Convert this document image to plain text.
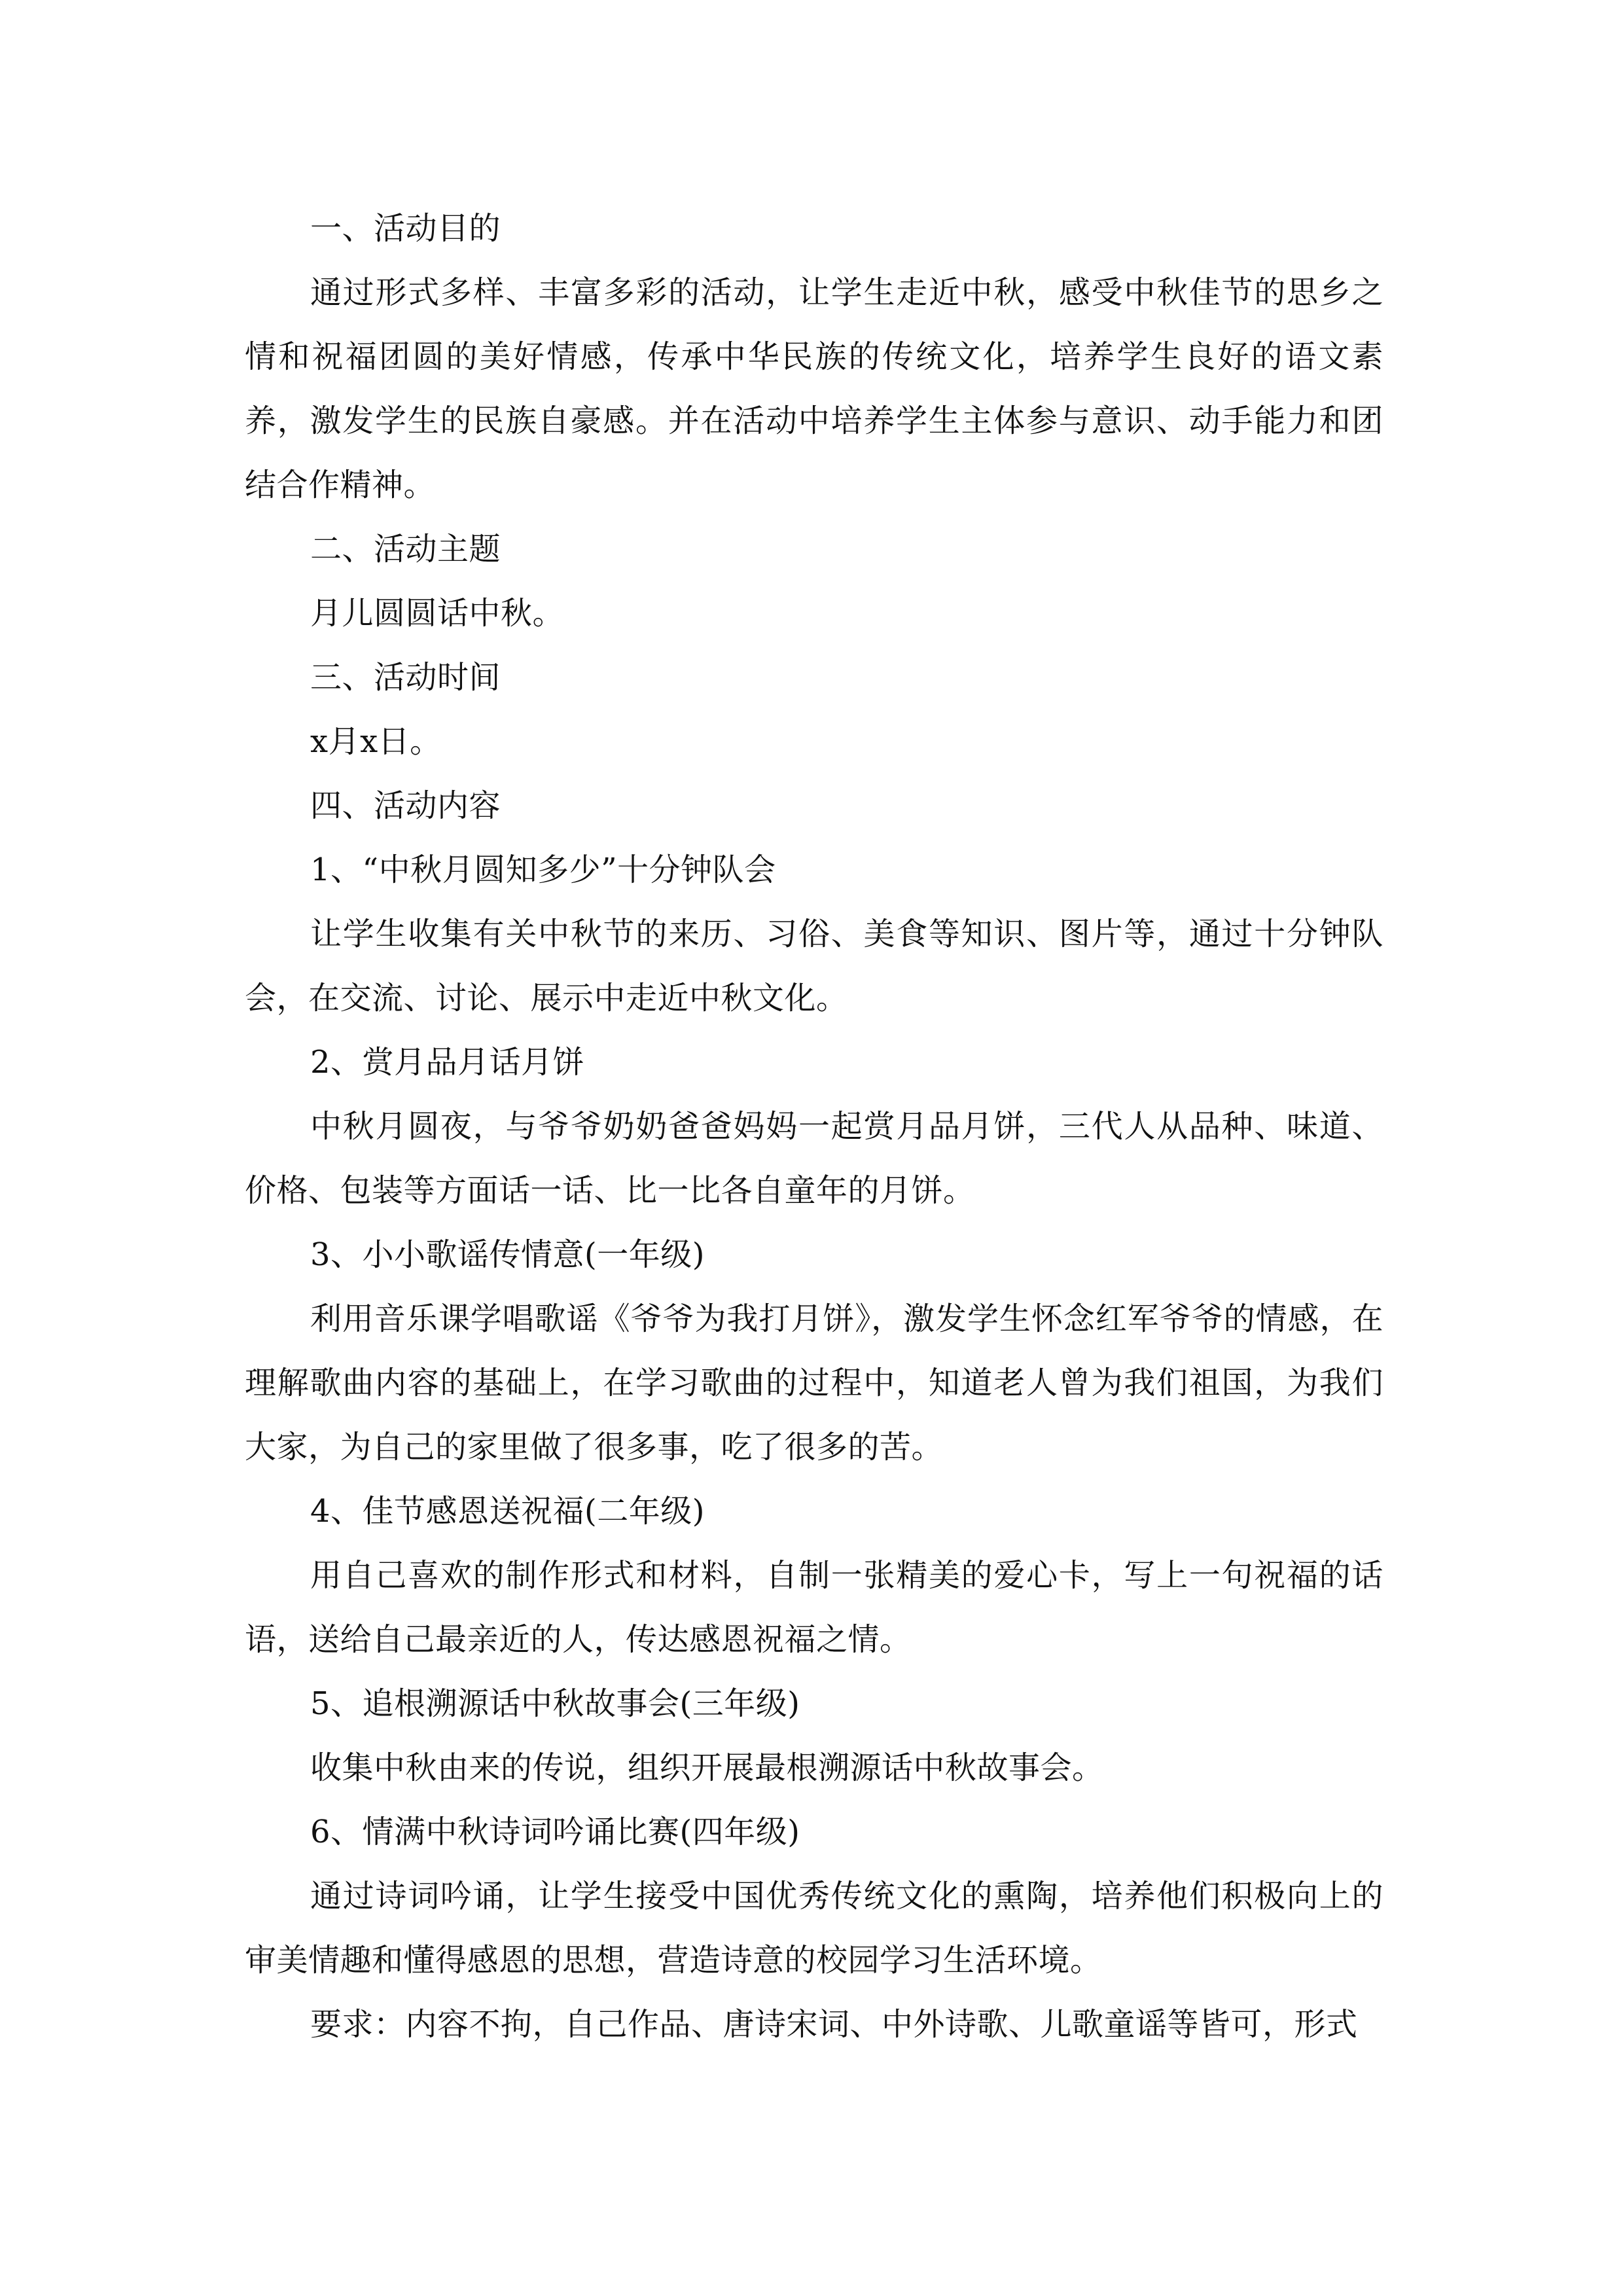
一、活动目的

通过形式多样、丰富多彩的活动，让学生走近中秋，感受中秋佳节的思乡之情和祝福团圆的美好情感，传承中华民族的传统文化，培养学生良好的语文素养，激发学生的民族自豪感。并在活动中培养学生主体参与意识、动手能力和团结合作精神。

二、活动主题

月儿圆圆话中秋。

三、活动时间

x月x日。

四、活动内容

1、“中秋月圆知多少”十分钟队会

让学生收集有关中秋节的来历、习俗、美食等知识、图片等，通过十分钟队会，在交流、讨论、展示中走近中秋文化。

2、赏月品月话月饼

中秋月圆夜，与爷爷奶奶爸爸妈妈一起赏月品月饼，三代人从品种、味道、价格、包装等方面话一话、比一比各自童年的月饼。

3、小小歌谣传情意(一年级)

利用音乐课学唱歌谣《爷爷为我打月饼》，激发学生怀念红军爷爷的情感，在理解歌曲内容的基础上，在学习歌曲的过程中，知道老人曾为我们祖国，为我们大家，为自己的家里做了很多事，吃了很多的苦。

4、佳节感恩送祝福(二年级)

用自己喜欢的制作形式和材料，自制一张精美的爱心卡，写上一句祝福的话语，送给自己最亲近的人，传达感恩祝福之情。

5、追根溯源话中秋故事会(三年级)

收集中秋由来的传说，组织开展最根溯源话中秋故事会。

6、情满中秋诗词吟诵比赛(四年级)

通过诗词吟诵，让学生接受中国优秀传统文化的熏陶，培养他们积极向上的审美情趣和懂得感恩的思想，营造诗意的校园学习生活环境。

要求：内容不拘，自己作品、唐诗宋词、中外诗歌、儿歌童谣等皆可，形式
